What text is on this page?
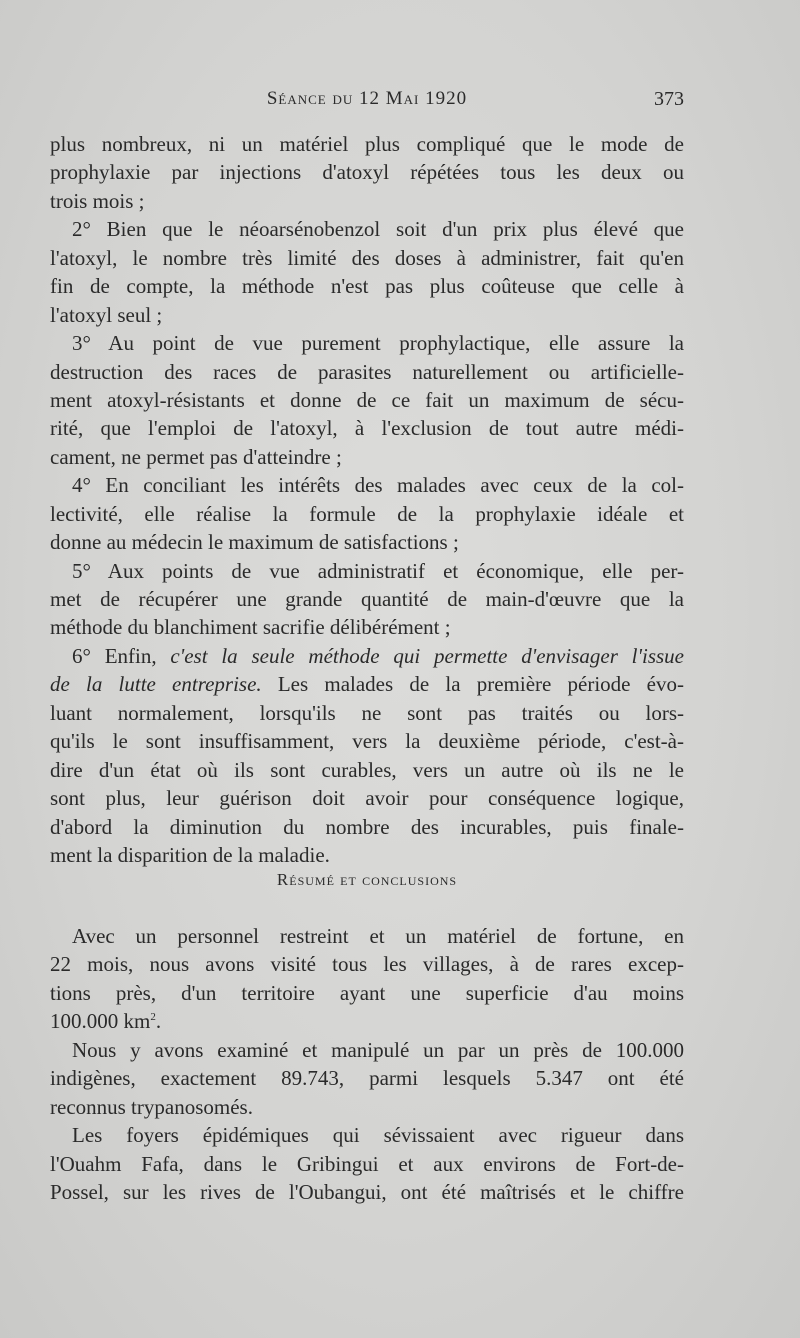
Séance du 12 Mai 1920	373
plus nombreux, ni un matériel plus compliqué que le mode de
prophylaxie par injections d'atoxyl répétées tous les deux ou
trois mois ;
2° Bien que le néoarsénobenzol soit d'un prix plus élevé que
l'atoxyl, le nombre très limité des doses à administrer, fait qu'en
fin de compte, la méthode n'est pas plus coûteuse que celle à
l'atoxyl seul ;
3° Au point de vue purement prophylactique, elle assure la
destruction des races de parasites naturellement ou artificielle-
ment atoxyl-résistants et donne de ce fait un maximum de sécu-
rité, que l'emploi de l'atoxyl, à l'exclusion de tout autre médi-
cament, ne permet pas d'atteindre ;
4° En conciliant les intérêts des malades avec ceux de la col-
lectivité, elle réalise la formule de la prophylaxie idéale et
donne au médecin le maximum de satisfactions ;
5° Aux points de vue administratif et économique, elle per-
met de récupérer une grande quantité de main-d'œuvre que la
méthode du blanchiment sacrifie délibérément ;
6° Enfin, c'est la seule méthode qui permette d'envisager l'issue
de la lutte entreprise. Les malades de la première période évo-
luant normalement, lorsqu'ils ne sont pas traités ou lors-
qu'ils le sont insuffisamment, vers la deuxième période, c'est-à-
dire d'un état où ils sont curables, vers un autre où ils ne le
sont plus, leur guérison doit avoir pour conséquence logique,
d'abord la diminution du nombre des incurables, puis finale-
ment la disparition de la maladie.
Résumé et conclusions
Avec un personnel restreint et un matériel de fortune, en
22 mois, nous avons visité tous les villages, à de rares excep-
tions près, d'un territoire ayant une superficie d'au moins
100.000 $km^2$.
Nous y avons examiné et manipulé un par un près de 100.000
indigènes, exactement 89.743, parmi lesquels 5.347 ont été
reconnus trypanosomés.
Les foyers épidémiques qui sévissaient avec rigueur dans
l'Ouahm Fafa, dans le Gribingui et aux environs de Fort-de-
Possel, sur les rives de l'Oubangui, ont été maîtrisés et le chiffre
